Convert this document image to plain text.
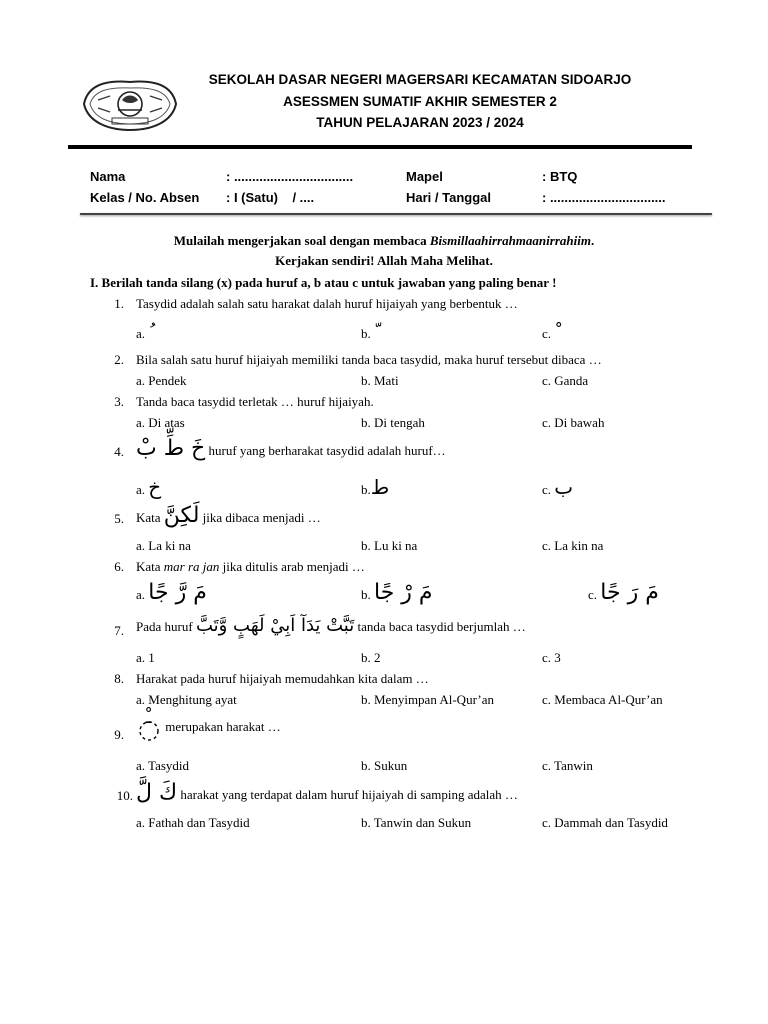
SEKOLAH DASAR NEGERI MAGERSARI KECAMATAN SIDOARJO
ASESSMEN SUMATIF AKHIR SEMESTER 2
TAHUN PELAJARAN 2023 / 2024
Nama	: .................................	Mapel	: BTQ
Kelas / No. Absen : I (Satu)    / ....	Hari / Tanggal	: ................................
Mulailah mengerjakan soal dengan membaca Bismillaahirrahmaanirrahiim.
Kerjakan sendiri! Allah Maha Melihat.
I. Berilah tanda silang (x) pada huruf a, b atau c untuk jawaban yang paling benar !
1. Tasydid adalah salah satu harakat dalah huruf hijaiyah yang berbentuk …
a.	b.	c.
2. Bila salah satu huruf hijaiyah memiliki tanda baca tasydid, maka huruf tersebut dibaca …
a. Pendek	b. Mati	c. Ganda
3. Tanda baca tasydid terletak … huruf hijaiyah.
a. Di atas	b. Di tengah	c. Di bawah
4. خَ طِّ بْ huruf yang berharakat tasydid adalah huruf…
a. خ	b.ط	c. ب
5. Kata لَكِنَّ jika dibaca menjadi …
a. La ki na	b. Lu ki na	c. La kin na
6. Kata mar ra jan jika ditulis arab menjadi …
a. مَ رَّ جًا	b. مَ رْ جًا	c. مَ رَ جًا
7. Pada huruf تَبَّتْ يَدَآ اَبِيْ لَهَبٍ وَّتَبَّ tanda baca tasydid berjumlah …
a. 1	b. 2	c. 3
8. Harakat pada huruf hijaiyah memudahkan kita dalam …
a. Menghitung ayat	b. Menyimpan Al-Qur’an	c. Membaca Al-Qur’an
9.
ـْ merupakan harakat …
a. Tasydid	b. Sukun	c. Tanwin
10. كَ لَّ harakat yang terdapat dalam huruf hijaiyah di samping adalah …
a. Fathah dan Tasydid	b. Tanwin dan Sukun	c. Dammah dan Tasydid
